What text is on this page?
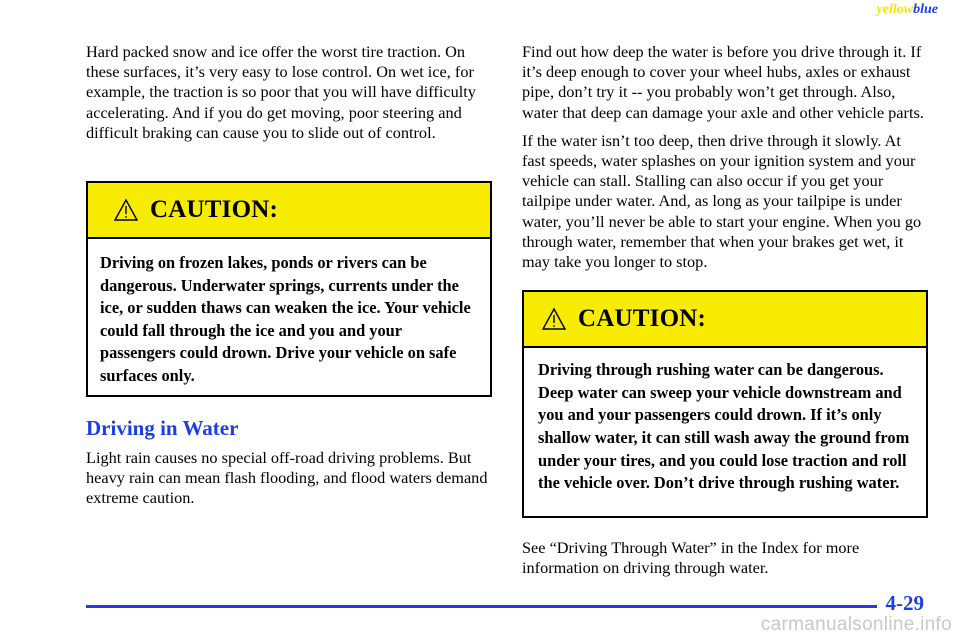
yellowblue

Hard packed snow and ice offer the worst tire traction. On these surfaces, it’s very easy to lose control. On wet ice, for example, the traction is so poor that you will have difficulty accelerating. And if you do get moving, poor steering and difficult braking can cause you to slide out of control.

CAUTION:
Driving on frozen lakes, ponds or rivers can be dangerous. Underwater springs, currents under the ice, or sudden thaws can weaken the ice. Your vehicle could fall through the ice and you and your passengers could drown. Drive your vehicle on safe surfaces only.
Driving in Water

Light rain causes no special off-road driving problems. But heavy rain can mean flash flooding, and flood waters demand extreme caution.

Find out how deep the water is before you drive through it. If it’s deep enough to cover your wheel hubs, axles or exhaust pipe, don’t try it -- you probably won’t get through. Also, water that deep can damage your axle and other vehicle parts.

If the water isn’t too deep, then drive through it slowly. At fast speeds, water splashes on your ignition system and your vehicle can stall. Stalling can also occur if you get your tailpipe under water. And, as long as your tailpipe is under water, you’ll never be able to start your engine. When you go through water, remember that when your brakes get wet, it may take you longer to stop.

CAUTION:
Driving through rushing water can be dangerous. Deep water can sweep your vehicle downstream and you and your passengers could drown. If it’s only shallow water, it can still wash away the ground from under your tires, and you could lose traction and roll the vehicle over. Don’t drive through rushing water.

See “Driving Through Water” in the Index for more information on driving through water.

4-29
carmanualsonline.info
